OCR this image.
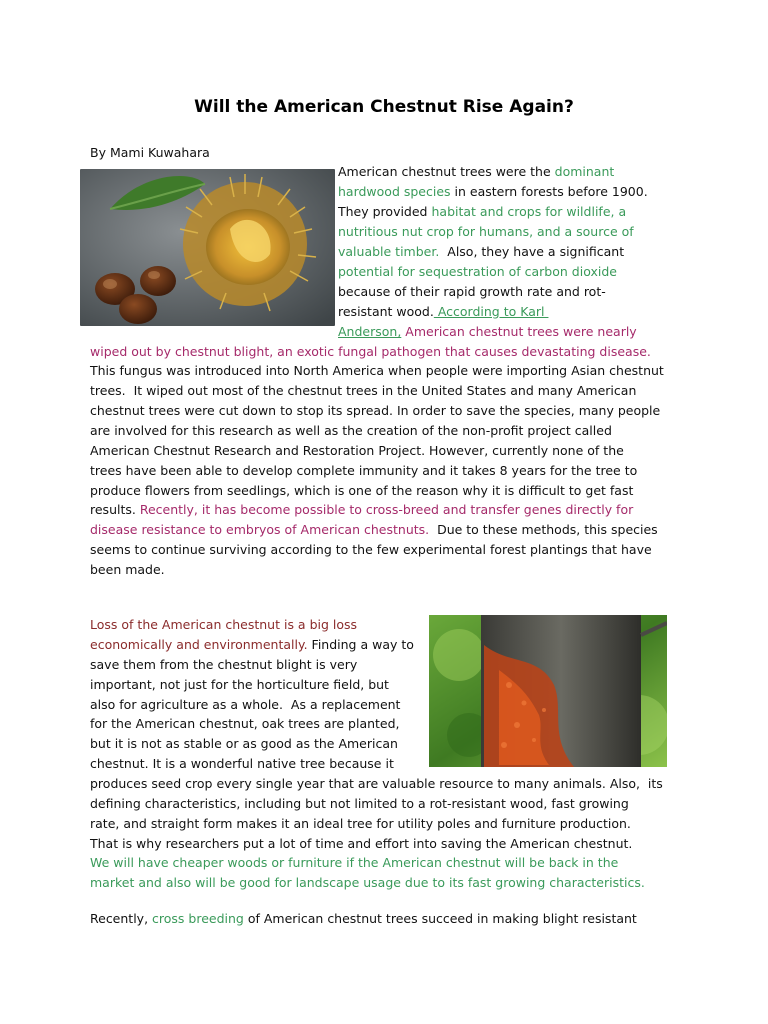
Will the American Chestnut Rise Again?
By Mami Kuwahara
American chestnut trees were the dominant
hardwood species in eastern forests before 1900.
They provided habitat and crops for wildlife, a
nutritious nut crop for humans, and a source of
valuable timber.  Also, they have a significant
potential for sequestration of carbon dioxide
because of their rapid growth rate and rot-
resistant wood. According to Karl
Anderson, American chestnut trees were nearly
wiped out by chestnut blight, an exotic fungal pathogen that causes devastating disease.
This fungus was introduced into North America when people were importing Asian chestnut
trees.  It wiped out most of the chestnut trees in the United States and many American
chestnut trees were cut down to stop its spread. In order to save the species, many people
are involved for this research as well as the creation of the non-profit project called
American Chestnut Research and Restoration Project. However, currently none of the
trees have been able to develop complete immunity and it takes 8 years for the tree to
produce flowers from seedlings, which is one of the reason why it is difficult to get fast
results. Recently, it has become possible to cross-breed and transfer genes directly for
disease resistance to embryos of American chestnuts.  Due to these methods, this species
seems to continue surviving according to the few experimental forest plantings that have
been made.
Loss of the American chestnut is a big loss
economically and environmentally. Finding a way to
save them from the chestnut blight is very
important, not just for the horticulture field, but
also for agriculture as a whole.  As a replacement
for the American chestnut, oak trees are planted,
but it is not as stable or as good as the American
chestnut. It is a wonderful native tree because it
produces seed crop every single year that are valuable resource to many animals. Also,  its
defining characteristics, including but not limited to a rot-resistant wood, fast growing
rate, and straight form makes it an ideal tree for utility poles and furniture production.
That is why researchers put a lot of time and effort into saving the American chestnut.
We will have cheaper woods or furniture if the American chestnut will be back in the
market and also will be good for landscape usage due to its fast growing characteristics.
Recently, cross breeding of American chestnut trees succeed in making blight resistant
